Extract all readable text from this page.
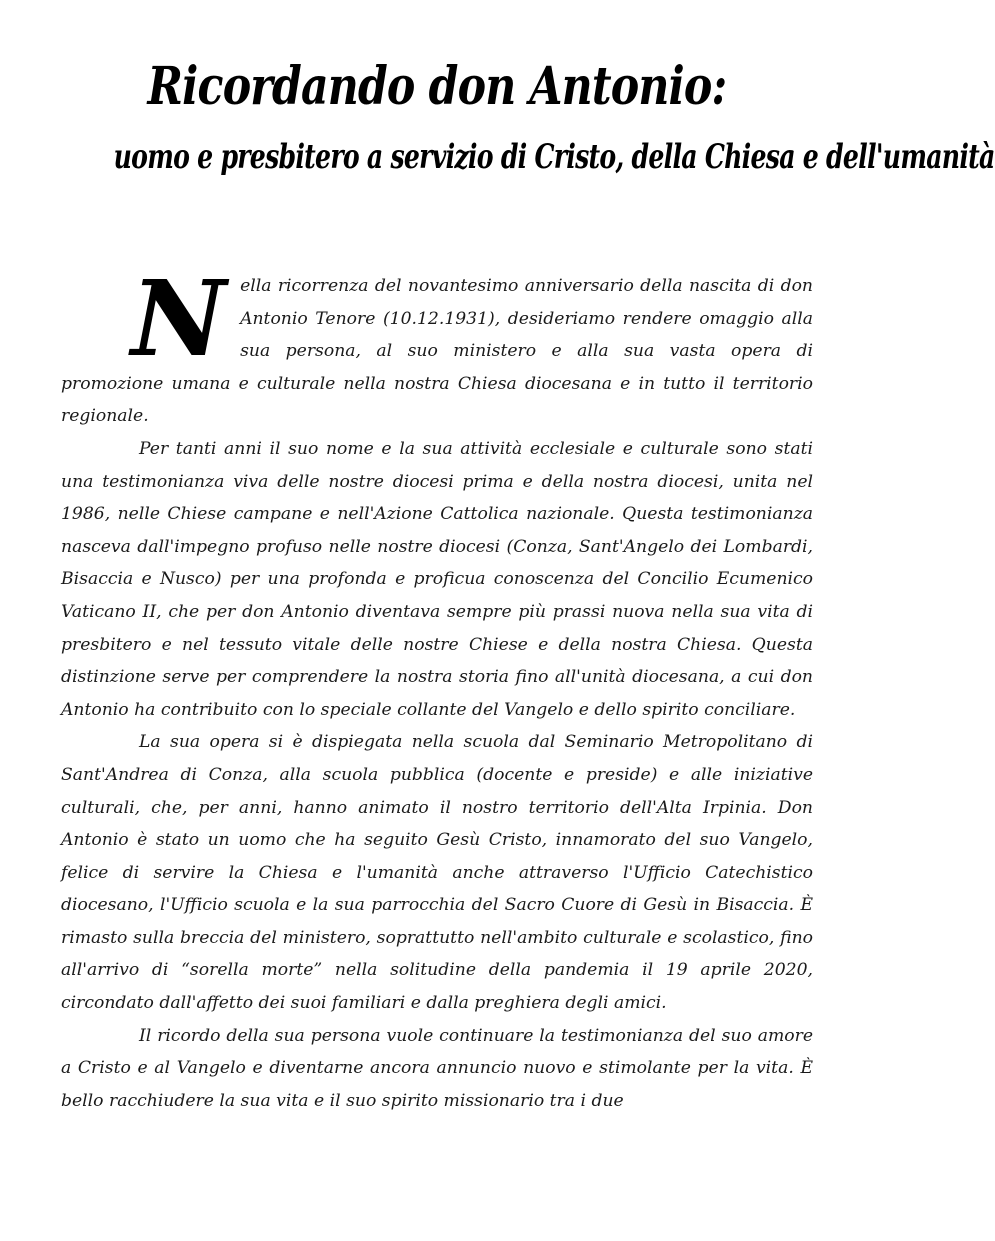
Ricordando don Antonio:
uomo e presbitero a servizio di Cristo, della Chiesa e dell'umanità

Nella ricorrenza del novantesimo anniversario della nascita di don Antonio Tenore (10.12.1931), desideriamo rendere omaggio alla sua persona, al suo ministero e alla sua vasta opera di promozione umana e culturale nella nostra Chiesa diocesana e in tutto il territorio regionale.

Per tanti anni il suo nome e la sua attività ecclesiale e culturale sono stati una testimonianza viva delle nostre diocesi prima e della nostra diocesi, unita nel 1986, nelle Chiese campane e nell'Azione Cattolica nazionale. Questa testimonianza nasceva dall'impegno profuso nelle nostre diocesi (Conza, Sant'Angelo dei Lombardi, Bisaccia e Nusco) per una profonda e proficua conoscenza del Concilio Ecumenico Vaticano II, che per don Antonio diventava sempre più prassi nuova nella sua vita di presbitero e nel tessuto vitale delle nostre Chiese e della nostra Chiesa. Questa distinzione serve per comprendere la nostra storia fino all'unità diocesana, a cui don Antonio ha contribuito con lo speciale collante del Vangelo e dello spirito conciliare.

La sua opera si è dispiegata nella scuola dal Seminario Metropolitano di Sant'Andrea di Conza, alla scuola pubblica (docente e preside) e alle iniziative culturali, che, per anni, hanno animato il nostro territorio dell'Alta Irpinia. Don Antonio è stato un uomo che ha seguito Gesù Cristo, innamorato del suo Vangelo, felice di servire la Chiesa e l'umanità anche attraverso l'Ufficio Catechistico diocesano, l'Ufficio scuola e la sua parrocchia del Sacro Cuore di Gesù in Bisaccia. È rimasto sulla breccia del ministero, soprattutto nell'ambito culturale e scolastico, fino all'arrivo di “sorella morte” nella solitudine della pandemia il 19 aprile 2020, circondato dall'affetto dei suoi familiari e dalla preghiera degli amici.

Il ricordo della sua persona vuole continuare la testimonianza del suo amore a Cristo e al Vangelo e diventarne ancora annuncio nuovo e stimolante per la vita. È bello racchiudere la sua vita e il suo spirito missionario tra i due
